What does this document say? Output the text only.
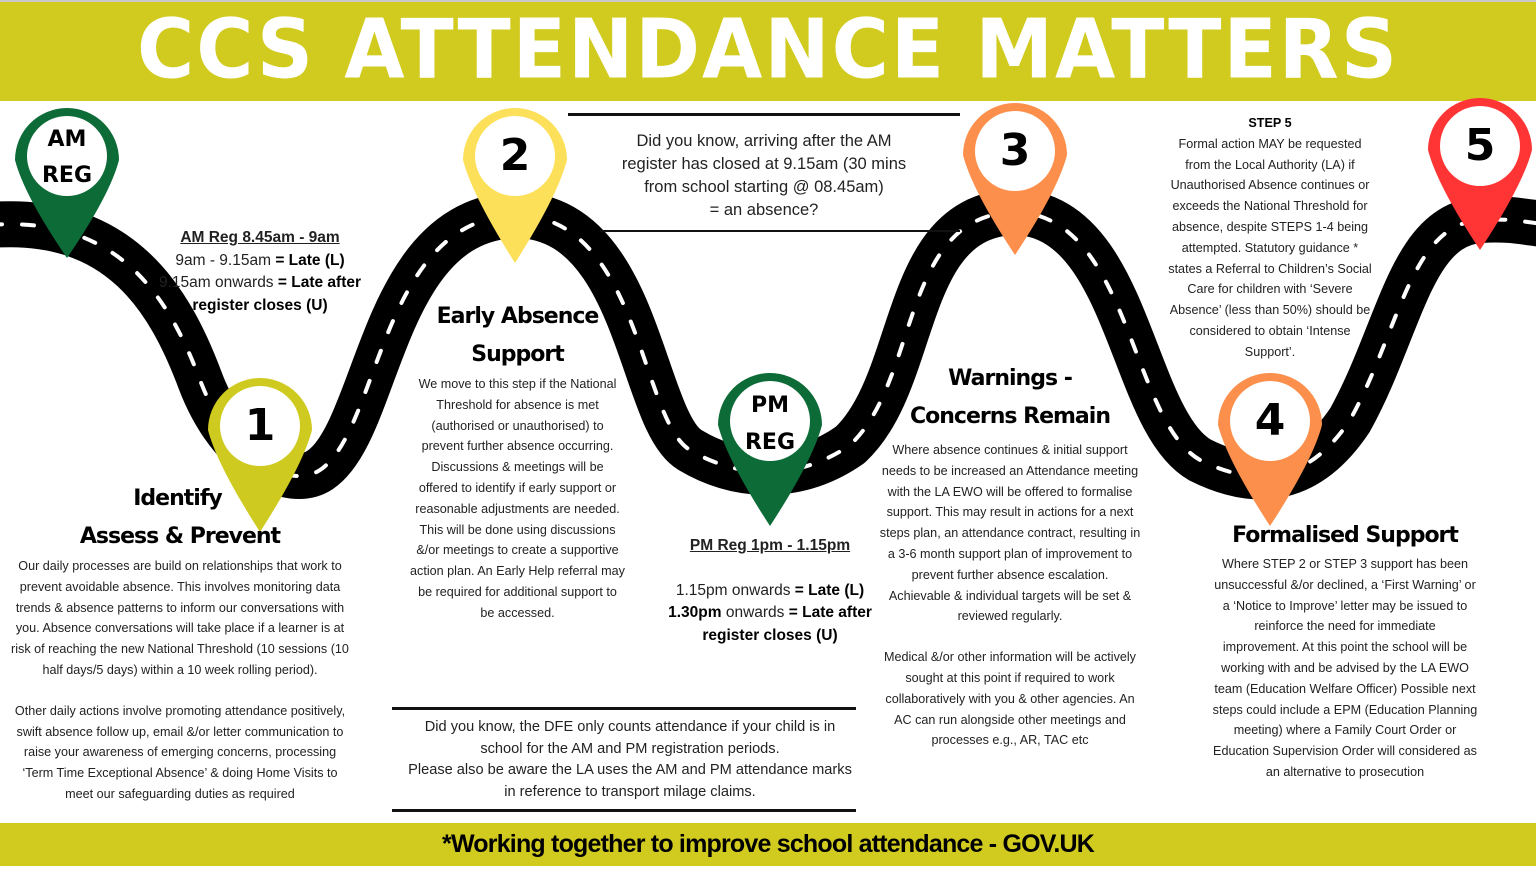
CCS ATTENDANCE MATTERS
AM
REG
1
2
PM
REG
3
4
5
AM Reg 8.45am - 9am
9am - 9.15am = Late (L)
9.15am onwards = Late after
register closes (U)
Did you know, arriving after the AM
register has closed at 9.15am (30 mins
from school starting @ 08.45am)
= an absence?
Identify
Assess & Prevent
Our daily processes are build on relationships that work to
prevent avoidable absence. This involves monitoring data
trends & absence patterns to inform our conversations with
you. Absence conversations will take place if a learner is at
risk of reaching the new National Threshold (10 sessions (10
half days/5 days) within a 10 week rolling period).
Other daily actions involve promoting attendance positively,
swift absence follow up, email &/or letter communication to
raise your awareness of emerging concerns, processing
‘Term Time Exceptional Absence’ & doing Home Visits to
meet our safeguarding duties as required
Early Absence
Support
We move to this step if the National
Threshold for absence is met
(authorised or unauthorised) to
prevent further absence occurring.
Discussions & meetings will be
offered to identify if early support or
reasonable adjustments are needed.
This will be done using discussions
&/or meetings to create a supportive
action plan. An Early Help referral may
be required for additional support to
be accessed.
PM Reg 1pm - 1.15pm
1.15pm onwards = Late (L)
1.30pm onwards = Late after
register closes (U)
Warnings -
Concerns Remain
Where absence continues & initial support
needs to be increased an Attendance meeting
with the LA EWO will be offered to formalise
support. This may result in actions for a next
steps plan, an attendance contract, resulting in
a 3-6 month support plan of improvement to
prevent further absence escalation.
Achievable & individual targets will be set &
reviewed regularly.
Medical &/or other information will be actively
sought at this point if required to work
collaboratively with you & other agencies. An
AC can run alongside other meetings and
processes e.g., AR, TAC etc
STEP 5
Formal action MAY be requested
from the Local Authority (LA) if
Unauthorised Absence continues or
exceeds the National Threshold for
absence, despite STEPS 1-4 being
attempted. Statutory guidance *
states a Referral to Children’s Social
Care for children with ‘Severe
Absence’ (less than 50%) should be
considered to obtain ‘Intense
Support’.
Formalised Support
Where STEP 2 or STEP 3 support has been
unsuccessful &/or declined, a ‘First Warning’ or
a ‘Notice to Improve’ letter may be issued to
reinforce the need for immediate
improvement. At this point the school will be
working with and be advised by the LA EWO
team (Education Welfare Officer) Possible next
steps could include a EPM (Education Planning
meeting) where a Family Court Order or
Education Supervision Order will considered as
an alternative to prosecution
Did you know, the DFE only counts attendance if your child is in
school for the AM and PM registration periods.
Please also be aware the LA uses the AM and PM attendance marks
in reference to transport milage claims.
*Working together to improve school attendance - GOV.UK
